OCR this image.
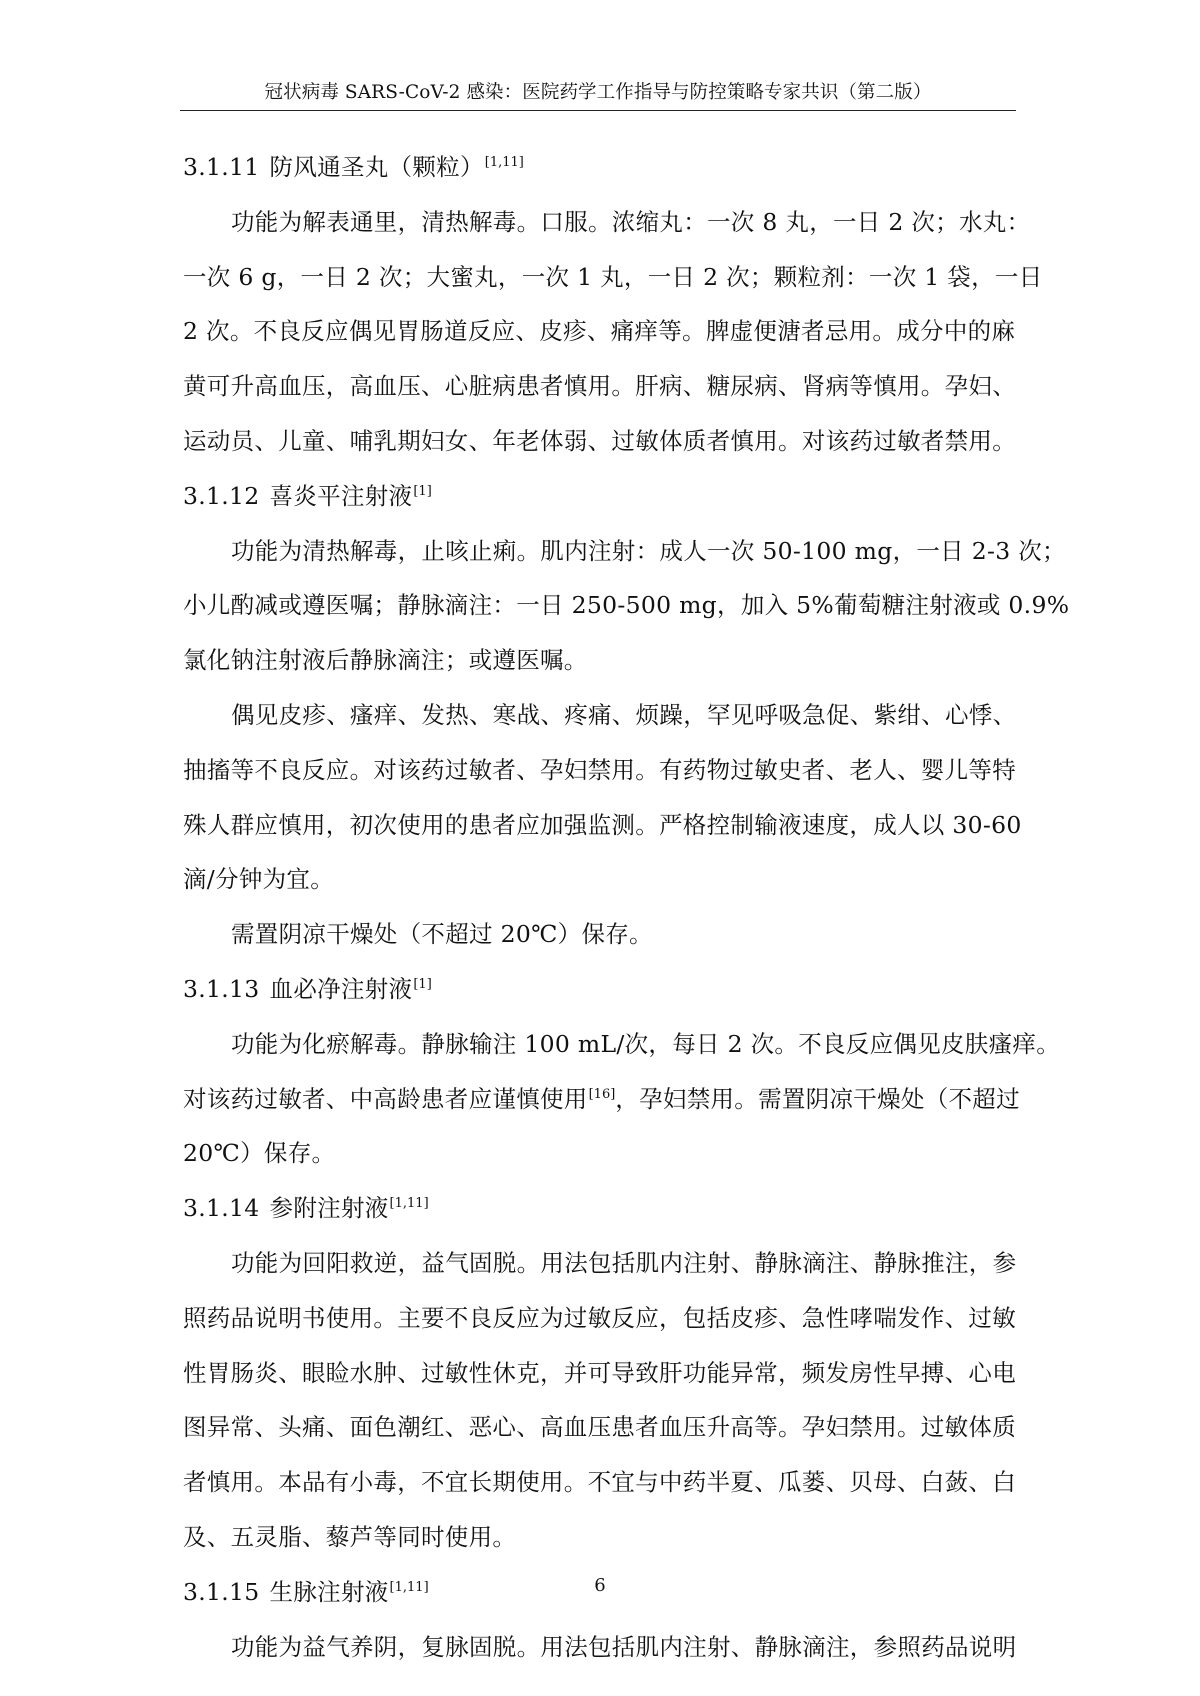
冠状病毒 SARS-CoV-2 感染：医院药学工作指导与防控策略专家共识（第二版）
3.1.11 防风通圣丸（颗粒）[1,11]
功能为解表通里，清热解毒。口服。浓缩丸：一次 8 丸，一日 2 次；水丸：
一次 6 g，一日 2 次；大蜜丸，一次 1 丸，一日 2 次；颗粒剂：一次 1 袋，一日
2 次。不良反应偶见胃肠道反应、皮疹、痛痒等。脾虚便溏者忌用。成分中的麻
黄可升高血压，高血压、心脏病患者慎用。肝病、糖尿病、肾病等慎用。孕妇、
运动员、儿童、哺乳期妇女、年老体弱、过敏体质者慎用。对该药过敏者禁用。
3.1.12 喜炎平注射液[1]
功能为清热解毒，止咳止痢。肌内注射：成人一次 50-100 mg，一日 2-3 次；
小儿酌减或遵医嘱；静脉滴注：一日 250-500 mg，加入 5%葡萄糖注射液或 0.9%
氯化钠注射液后静脉滴注；或遵医嘱。
偶见皮疹、瘙痒、发热、寒战、疼痛、烦躁，罕见呼吸急促、紫绀、心悸、
抽搐等不良反应。对该药过敏者、孕妇禁用。有药物过敏史者、老人、婴儿等特
殊人群应慎用，初次使用的患者应加强监测。严格控制输液速度，成人以 30-60
滴/分钟为宜。
需置阴凉干燥处（不超过 20℃）保存。
3.1.13 血必净注射液[1]
功能为化瘀解毒。静脉输注 100 mL/次，每日 2 次。不良反应偶见皮肤瘙痒。
对该药过敏者、中高龄患者应谨慎使用[16]，孕妇禁用。需置阴凉干燥处（不超过
20℃）保存。
3.1.14 参附注射液[1,11]
功能为回阳救逆，益气固脱。用法包括肌内注射、静脉滴注、静脉推注，参
照药品说明书使用。主要不良反应为过敏反应，包括皮疹、急性哮喘发作、过敏
性胃肠炎、眼睑水肿、过敏性休克，并可导致肝功能异常，频发房性早搏、心电
图异常、头痛、面色潮红、恶心、高血压患者血压升高等。孕妇禁用。过敏体质
者慎用。本品有小毒，不宜长期使用。不宜与中药半夏、瓜蒌、贝母、白蔹、白
及、五灵脂、藜芦等同时使用。
3.1.15 生脉注射液[1,11]
功能为益气养阴，复脉固脱。用法包括肌内注射、静脉滴注，参照药品说明
6
